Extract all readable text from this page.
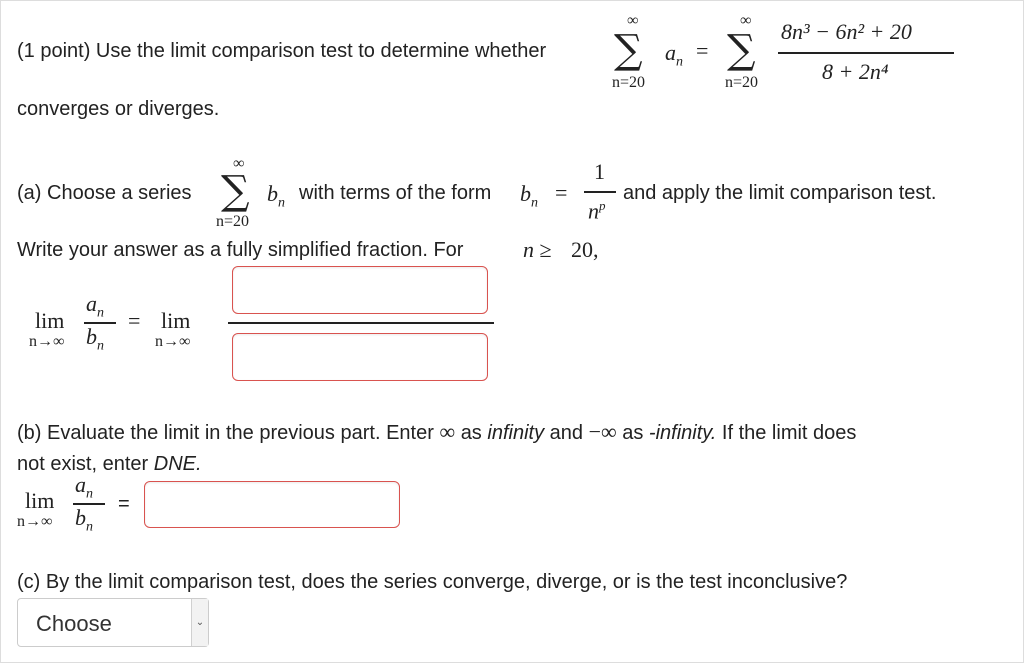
(1 point) Use the limit comparison test to determine whether
∞
∑
n=20
$a_n$ =
∞
∑
n=20
8n³ − 6n² + 20
8 + 2n⁴
converges or diverges.
(a) Choose a series
∞
∑
n=20
$b_n$ with terms of the form $b_n$ =
1
$n^p$
and apply the limit comparison test.
Write your answer as a fully simplified fraction. For	n ≥ 20,
lim
n→∞
$a_n$
$b_n$
= lim
n→∞
(b) Evaluate the limit in the previous part. Enter ∞ as infinity and −∞ as -infinity. If the limit does
not exist, enter DNE.
lim
n→∞
$a_n$
$b_n$
=
(c) By the limit comparison test, does the series converge, diverge, or is the test inconclusive?
Choose	⌄
